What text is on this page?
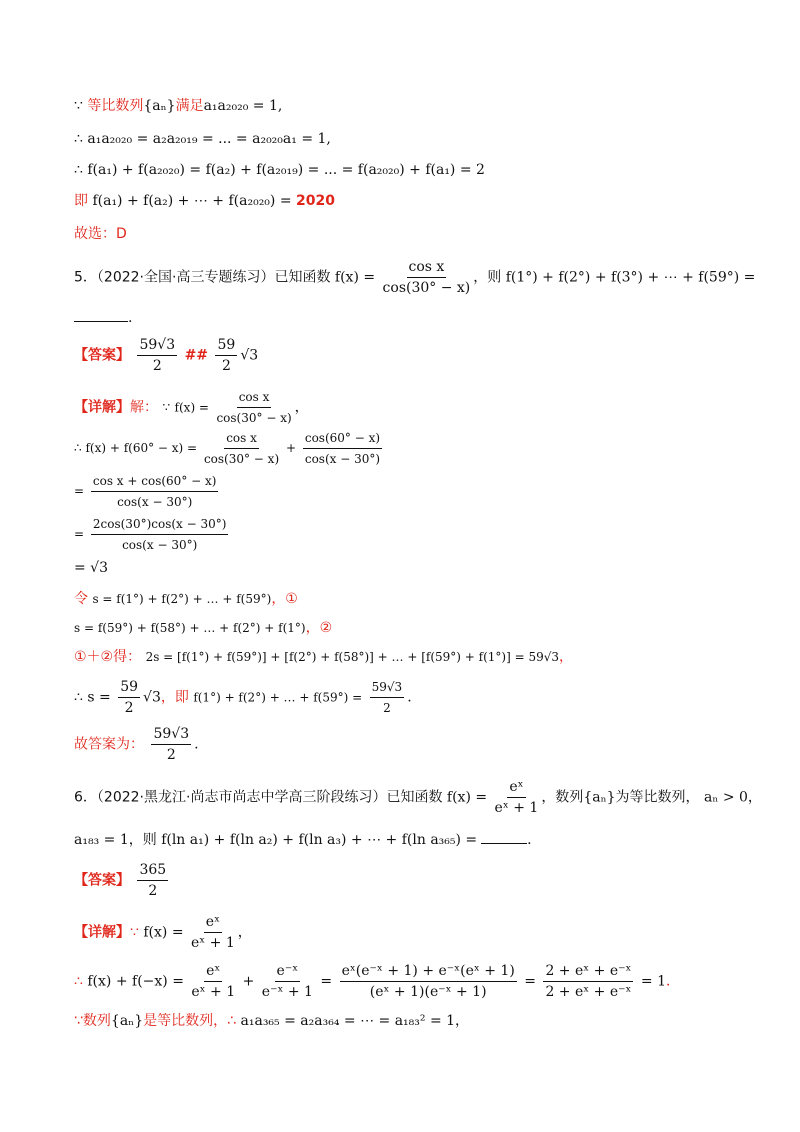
∵ 等比数列{aₙ}满足a₁a₂₀₂₀ = 1,
∴ a₁a₂₀₂₀ = a₂a₂₀₁₉ = ... = a₂₀₂₀a₁ = 1,
∴ f(a₁) + f(a₂₀₂₀) = f(a₂) + f(a₂₀₁₉) = ... = f(a₂₀₂₀) + f(a₁) = 2
即 f(a₁) + f(a₂) + ⋯ + f(a₂₀₂₀) = 2020
故选：D
5．（2022·全国·高三专题练习）已知函数 $f(x) = \frac{\text{cos x}}{\cos(30^\circ - x)}$ ，则 f(1°) + f(2°) + f(3°) + ⋯ + f(59°) =
.
【答案】 $\frac{59√3}{2}$ ## $\frac{59}{2} √3$
【详解】解： ∵ $f(x) = \frac{\text{cos x}}{\cos(30^\circ - x)}$ ，
∴ $f(x) + f(60^\circ - x) = \frac{\text{cos x}}{\cos(30^\circ - x)} + \frac{\cos(60^\circ - x)}{\cos(x - 30^\circ)}$
= $\frac{\text{cos x + cos(60° − x)}}{\cos(x - 30^\circ)}$
= $\frac{2\cos(30^\circ)\cos(x - 30^\circ)}{\cos(x - 30^\circ)}$
= √3
令 s = f(1°) + f(2°) + … + f(59°)，①
s = f(59°) + f(58°) + … + f(2°) + f(1°)，②
①＋②得： 2s = [f(1°) + f(59°)] + [f(2°) + f(58°)] + … + [f(59°) + f(1°)] = 59√3，
∴ $s = \frac{59}{2} √3$，即 f(1°) + f(2°) + … + $f(59^\circ) = \frac{59√3}{2}$ .
故答案为： $\frac{59√3}{2}$ .
6．（2022·黑龙江·尚志市尚志中学高三阶段练习）已知函数 $f(x) = \frac{\text{eˣ}}{\text{eˣ + 1}}$ ，数列{aₙ}为等比数列， aₙ > 0，
a₁₈₃ = 1，则 f(ln a₁) + f(ln a₂) + f(ln a₃) + ⋯ + f(ln a₃₆₅) =	.
【答案】 $\frac{365}{2}$
【详解】∵ $f(x) = \frac{\text{eˣ}}{\text{eˣ + 1}}$ ，
∴ $f(x) + f(-x) = \frac{\text{eˣ}}{\text{eˣ + 1}} + \frac{\text{e⁻ˣ}}{\text{e⁻ˣ + 1}} = \frac{\text{eˣ(e⁻ˣ + 1) + e⁻ˣ(eˣ + 1)}}{\text{(eˣ + 1)(e⁻ˣ + 1)}} = \frac{\text{2 + eˣ + e⁻ˣ}}{\text{2 + eˣ + e⁻ˣ}} = 1$．
∵数列{aₙ}是等比数列，∴ a₁a₃₆₅ = a₂a₃₆₄ = ⋯ = a₁₈₃² = 1，
